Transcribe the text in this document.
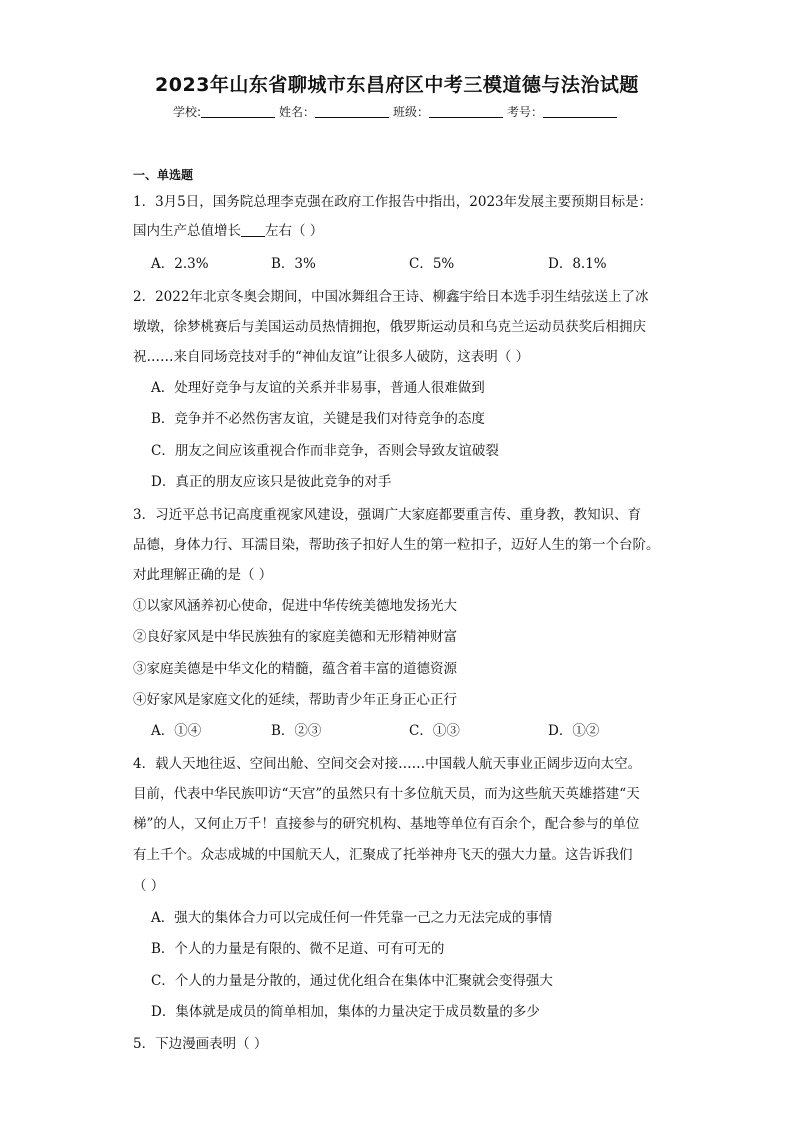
2023年山东省聊城市东昌府区中考三模道德与法治试题
学校:	姓名：	班级：	考号：
一、单选题
1．3月5日，国务院总理李克强在政府工作报告中指出，2023年发展主要预期目标是：
国内生产总值增长 左右（ ）
A．2.3%	B．3%	C．5%	D．8.1%
2．2022年北京冬奥会期间，中国冰舞组合王诗、柳鑫宇给日本选手羽生结弦送上了冰
墩墩，徐梦桃赛后与美国运动员热情拥抱，俄罗斯运动员和乌克兰运动员获奖后相拥庆
祝……来自同场竞技对手的“神仙友谊”让很多人破防，这表明（ ）
A．处理好竞争与友谊的关系并非易事，普通人很难做到
B．竞争并不必然伤害友谊，关键是我们对待竞争的态度
C．朋友之间应该重视合作而非竞争，否则会导致友谊破裂
D．真正的朋友应该只是彼此竞争的对手
3．习近平总书记高度重视家风建设，强调广大家庭都要重言传、重身教，教知识、育
品德，身体力行、耳濡目染，帮助孩子扣好人生的第一粒扣子，迈好人生的第一个台阶。
对此理解正确的是（ ）
①以家风涵养初心使命，促进中华传统美德地发扬光大
②良好家风是中华民族独有的家庭美德和无形精神财富
③家庭美德是中华文化的精髓，蕴含着丰富的道德资源
④好家风是家庭文化的延续，帮助青少年正身正心正行
A．①④	B．②③	C．①③	D．①②
4．载人天地往返、空间出舱、空间交会对接……中国载人航天事业正阔步迈向太空。
目前，代表中华民族叩访“天宫”的虽然只有十多位航天员，而为这些航天英雄搭建“天
梯”的人，又何止万千！直接参与的研究机构、基地等单位有百余个，配合参与的单位
有上千个。众志成城的中国航天人，汇聚成了托举神舟飞天的强大力量。这告诉我们
（ ）
A．强大的集体合力可以完成任何一件凭靠一己之力无法完成的事情
B．个人的力量是有限的、微不足道、可有可无的
C．个人的力量是分散的，通过优化组合在集体中汇聚就会变得强大
D．集体就是成员的简单相加，集体的力量决定于成员数量的多少
5．下边漫画表明（ ）
